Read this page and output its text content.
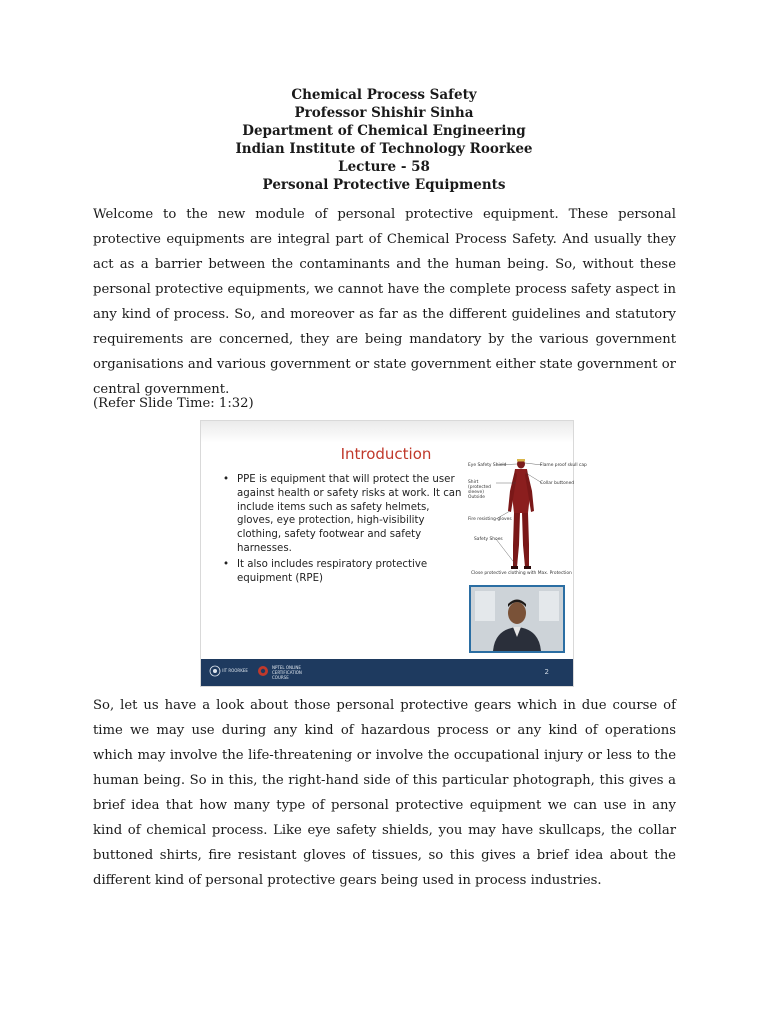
Chemical Process Safety
Professor Shishir Sinha
Department of Chemical Engineering
Indian Institute of Technology Roorkee
Lecture - 58
Personal Protective Equipments

Welcome to the new module of personal protective equipment. These personal protective equipments are integral part of Chemical Process Safety. And usually they act as a barrier between the contaminants and the human being. So, without these personal protective equipments, we cannot have the complete process safety aspect in any kind of process. So, and moreover as far as the different guidelines and statutory requirements are concerned, they are being mandatory by the various government organisations and various government or state government either state government or central government.

(Refer Slide Time: 1:32)

Introduction
• PPE is equipment that will protect the user against health or safety risks at work. It can include items such as safety helmets, gloves, eye protection, high-visibility clothing, safety footwear and safety harnesses.
• It also includes respiratory protective equipment (RPE)
Eye Safety Shield	Flame proof skull cap
Shirt (protected sleeve) Outside
Collar buttoned
Fire resisting gloves
Safety Shoes
Close protective clothing with Max. Protection
IIT ROORKEE
NPTEL ONLINE CERTIFICATION COURSE
2

So, let us have a look about those personal protective gears which in due course of time we may use during any kind of hazardous process or any kind of operations which may involve the life-threatening or involve the occupational injury or less to the human being. So in this, the right-hand side of this particular photograph, this gives a brief idea that how many type of personal protective equipment we can use in any kind of chemical process. Like eye safety shields, you may have skullcaps, the collar buttoned shirts, fire resistant gloves of tissues, so this gives a brief idea about the different kind of personal protective gears being used in process industries.
